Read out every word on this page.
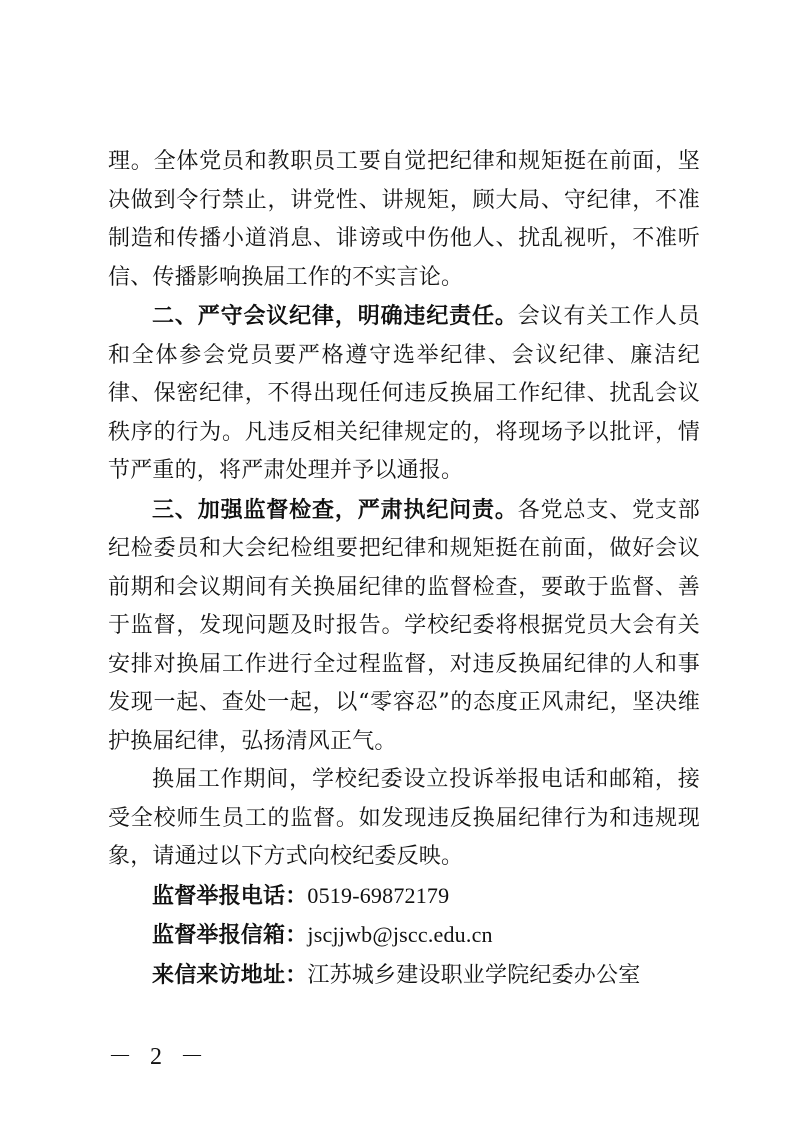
理。全体党员和教职员工要自觉把纪律和规矩挺在前面，坚决做到令行禁止，讲党性、讲规矩，顾大局、守纪律，不准制造和传播小道消息、诽谤或中伤他人、扰乱视听，不准听信、传播影响换届工作的不实言论。

二、严守会议纪律，明确违纪责任。会议有关工作人员和全体参会党员要严格遵守选举纪律、会议纪律、廉洁纪律、保密纪律，不得出现任何违反换届工作纪律、扰乱会议秩序的行为。凡违反相关纪律规定的，将现场予以批评，情节严重的，将严肃处理并予以通报。

三、加强监督检查，严肃执纪问责。各党总支、党支部纪检委员和大会纪检组要把纪律和规矩挺在前面，做好会议前期和会议期间有关换届纪律的监督检查，要敢于监督、善于监督，发现问题及时报告。学校纪委将根据党员大会有关安排对换届工作进行全过程监督，对违反换届纪律的人和事发现一起、查处一起，以“零容忍”的态度正风肃纪，坚决维护换届纪律，弘扬清风正气。

换届工作期间，学校纪委设立投诉举报电话和邮箱，接受全校师生员工的监督。如发现违反换届纪律行为和违规现象，请通过以下方式向校纪委反映。

监督举报电话：0519-69872179

监督举报信箱：jscjjwb@jscc.edu.cn

来信来访地址：江苏城乡建设职业学院纪委办公室

－ 2 －
